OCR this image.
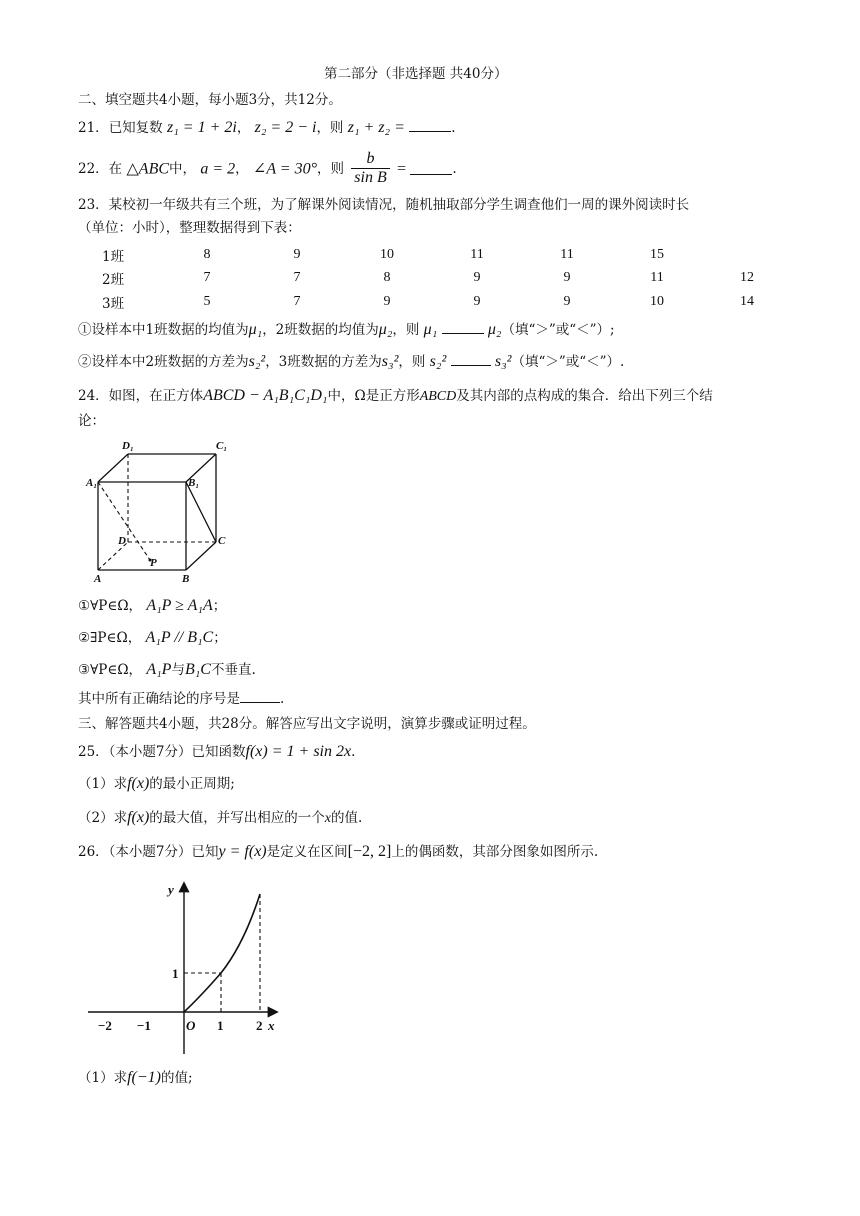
第二部分（非选择题 共40分）
二、填空题共4小题，每小题3分，共12分。
21．已知复数 z₁ = 1 + 2i， z₂ = 2 − i，则 z₁ + z₂ =	.
22．在 △ABC中， a = 2， ∠A = 30°，则 $\frac{b}{\text{sin B}}$ =	.
23．某校初一年级共有三个班，为了解课外阅读情况，随机抽取部分学生调查他们一周的课外阅读时长
（单位：小时），整理数据得到下表：
1班	8	9	10	11	11	15	
2班	7	7	8	9	9	11	12
3班	5	7	9	9	9	10	14
①设样本中1班数据的均值为μ₁，2班数据的均值为μ₂，则 μ₁	μ₂（填“＞”或“＜”）;
②设样本中2班数据的方差为s₂²，3班数据的方差为s₃²，则 s₂²	s₃²（填“＞”或“＜”）.
24．如图，在正方体ABCD − A₁B₁C₁D₁中，Ω是正方形ABCD及其内部的点构成的集合．给出下列三个结
论：
D₁	C₁
A₁	B₁
D	C
P
A	B
①∀P∈Ω， A₁P ≥ A₁A；
②∃P∈Ω， A₁P // B₁C；
③∀P∈Ω， A₁P与B₁C不垂直.
其中所有正确结论的序号是	.
三、解答题共4小题，共28分。解答应写出文字说明，演算步骤或证明过程。
25．（本小题7分）已知函数f(x) = 1 + sin 2x.
（1）求f(x)的最小正周期;
（2）求f(x)的最大值，并写出相应的一个x的值.
26．（本小题7分）已知y = f(x)是定义在区间[−2, 2]上的偶函数，其部分图象如图所示.
y
x
1
O
−2 −1	1	2
（1）求f(−1)的值;
